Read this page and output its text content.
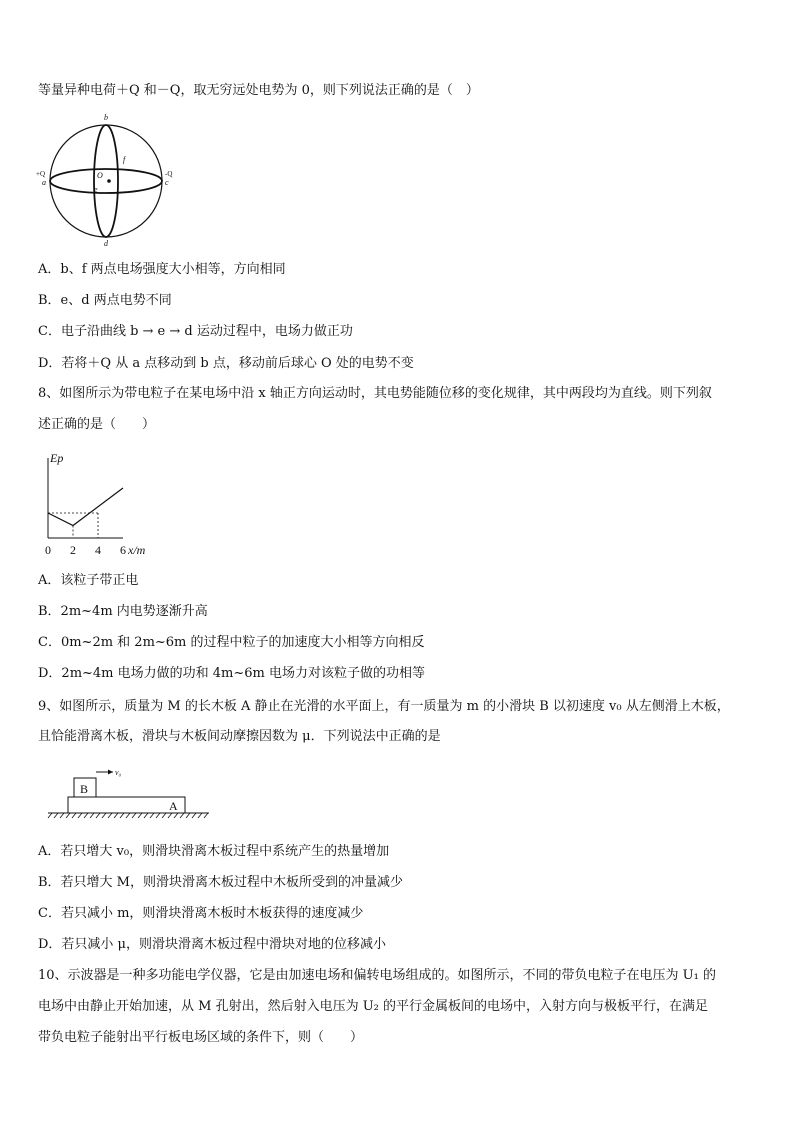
等量异种电荷＋Q 和－Q，取无穷远处电势为 0，则下列说法正确的是（　）
b
d
f
e
O
+Q
a
-Q
c
A．b、f 两点电场强度大小相等，方向相同
B．e、d 两点电势不同
C．电子沿曲线 b → e → d 运动过程中，电场力做正功
D．若将＋Q 从 a 点移动到 b 点，移动前后球心 O 处的电势不变
8、如图所示为带电粒子在某电场中沿 x 轴正方向运动时，其电势能随位移的变化规律，其中两段均为直线。则下列叙
述正确的是（　　）
Ep
x/m
0 2 4 6
A．该粒子带正电
B．2m~4m 内电势逐渐升高
C．0m~2m 和 2m~6m 的过程中粒子的加速度大小相等方向相反
D．2m~4m 电场力做的功和 4m~6m 电场力对该粒子做的功相等
9、如图所示，质量为 M 的长木板 A 静止在光滑的水平面上，有一质量为 m 的小滑块 B 以初速度 v₀ 从左侧滑上木板，
且恰能滑离木板，滑块与木板间动摩擦因数为 μ．下列说法中正确的是
B
A
v₀
A．若只增大 v₀，则滑块滑离木板过程中系统产生的热量增加
B．若只增大 M，则滑块滑离木板过程中木板所受到的冲量减少
C．若只减小 m，则滑块滑离木板时木板获得的速度减少
D．若只减小 μ，则滑块滑离木板过程中滑块对地的位移减小
10、示波器是一种多功能电学仪器，它是由加速电场和偏转电场组成的。如图所示，不同的带负电粒子在电压为 U₁ 的
电场中由静止开始加速，从 M 孔射出，然后射入电压为 U₂ 的平行金属板间的电场中，入射方向与极板平行，在满足
带负电粒子能射出平行板电场区域的条件下，则（　　）
